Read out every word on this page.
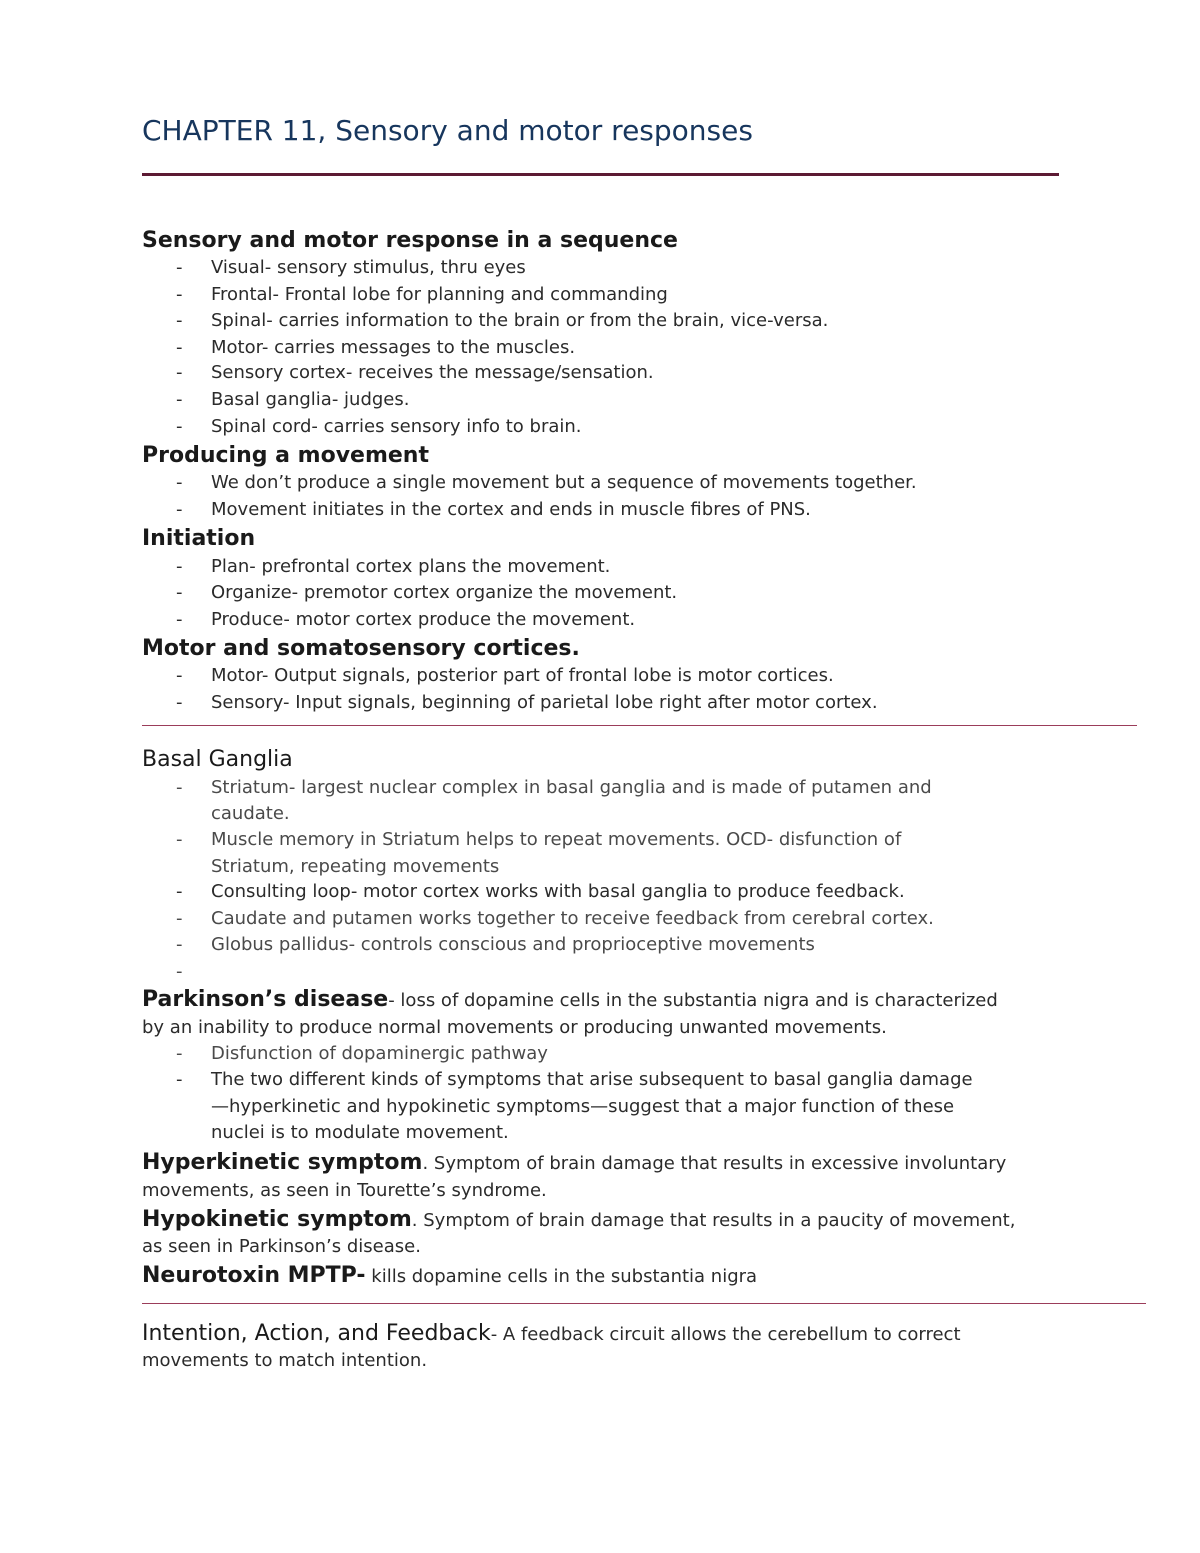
CHAPTER 11, Sensory and motor responses
Sensory and motor response in a sequence
- Visual- sensory stimulus, thru eyes
- Frontal- Frontal lobe for planning and commanding
- Spinal- carries information to the brain or from the brain, vice-versa.
- Motor- carries messages to the muscles.
- Sensory cortex- receives the message/sensation.
- Basal ganglia- judges.
- Spinal cord- carries sensory info to brain.
Producing a movement
- We don’t produce a single movement but a sequence of movements together.
- Movement initiates in the cortex and ends in muscle fibres of PNS.
Initiation
- Plan- prefrontal cortex plans the movement.
- Organize- premotor cortex organize the movement.
- Produce- motor cortex produce the movement.
Motor and somatosensory cortices.
- Motor- Output signals, posterior part of frontal lobe is motor cortices.
- Sensory- Input signals, beginning of parietal lobe right after motor cortex.
Basal Ganglia
- Striatum- largest nuclear complex in basal ganglia and is made of putamen and
caudate.
- Muscle memory in Striatum helps to repeat movements. OCD- disfunction of
Striatum, repeating movements
- Consulting loop- motor cortex works with basal ganglia to produce feedback.
- Caudate and putamen works together to receive feedback from cerebral cortex.
- Globus pallidus- controls conscious and proprioceptive movements
-
Parkinson’s disease- loss of dopamine cells in the substantia nigra and is characterized
by an inability to produce normal movements or producing unwanted movements.
- Disfunction of dopaminergic pathway
- The two different kinds of symptoms that arise subsequent to basal ganglia damage
—hyperkinetic and hypokinetic symptoms—suggest that a major function of these
nuclei is to modulate movement.
Hyperkinetic symptom. Symptom of brain damage that results in excessive involuntary
movements, as seen in Tourette’s syndrome.
Hypokinetic symptom. Symptom of brain damage that results in a paucity of movement,
as seen in Parkinson’s disease.
Neurotoxin MPTP- kills dopamine cells in the substantia nigra
Intention, Action, and Feedback- A feedback circuit allows the cerebellum to correct
movements to match intention.
